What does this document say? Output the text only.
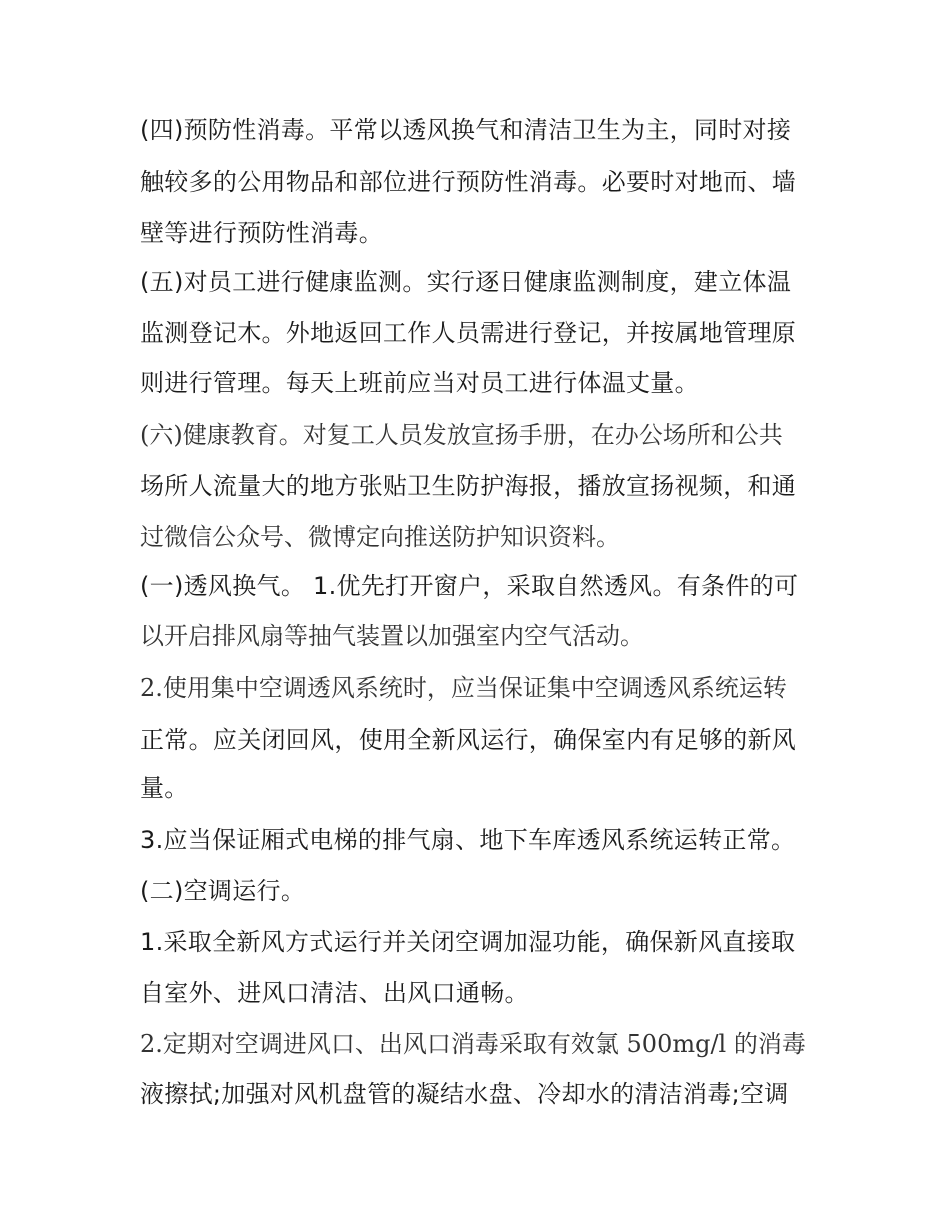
(四)预防性消毒。平常以透风换气和清洁卫生为主，同时对接
触较多的公用物品和部位进行预防性消毒。必要时对地而、墙
壁等进行预防性消毒。
(五)对员工进行健康监测。实行逐日健康监测制度，建立体温
监测登记木。外地返回工作人员需进行登记，并按属地管理原
则进行管理。每天上班前应当对员工进行体温丈量。
(六)健康教育。对复工人员发放宣扬手册，在办公场所和公共
场所人流量大的地方张贴卫生防护海报，播放宣扬视频，和通
过微信公众号、微博定向推送防护知识资料。
(一)透风换气。 1.优先打开窗户，采取自然透风。有条件的可
以开启排风扇等抽气装置以加强室内空气活动。
2.使用集中空调透风系统时，应当保证集中空调透风系统运转
正常。应关闭回风，使用全新风运行，确保室内有足够的新风
量。
3.应当保证厢式电梯的排气扇、地下车库透风系统运转正常。
(二)空调运行。
1.采取全新风方式运行并关闭空调加湿功能，确保新风直接取
自室外、进风口清洁、出风口通畅。
2.定期对空调进风口、出风口消毒采取有效氯 500mg/l 的消毒
液擦拭;加强对风机盘管的凝结水盘、冷却水的清洁消毒;空调
